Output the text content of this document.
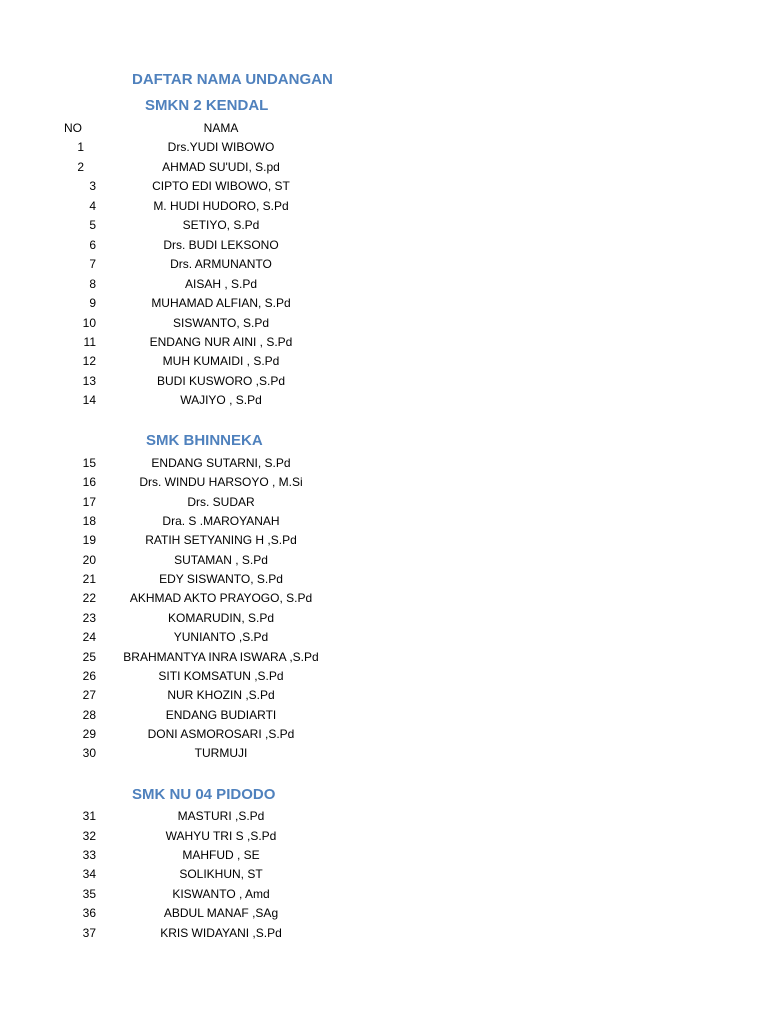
DAFTAR NAMA UNDANGAN
SMKN 2 KENDAL
NO	NAMA
1	Drs.YUDI WIBOWO
2	AHMAD SU'UDI, S.pd
3	CIPTO EDI WIBOWO, ST
4	M. HUDI HUDORO, S.Pd
5	SETIYO, S.Pd
6	Drs. BUDI LEKSONO
7	Drs. ARMUNANTO
8	AISAH , S.Pd
9	MUHAMAD ALFIAN, S.Pd
10	SISWANTO, S.Pd
11	ENDANG NUR AINI , S.Pd
12	MUH KUMAIDI , S.Pd
13	BUDI KUSWORO ,S.Pd
14	WAJIYO , S.Pd
SMK BHINNEKA
15	ENDANG SUTARNI, S.Pd
16	Drs. WINDU HARSOYO , M.Si
17	Drs. SUDAR
18	Dra. S .MAROYANAH
19	RATIH SETYANING H ,S.Pd
20	SUTAMAN , S.Pd
21	EDY SISWANTO, S.Pd
22	AKHMAD AKTO PRAYOGO, S.Pd
23	KOMARUDIN, S.Pd
24	YUNIANTO ,S.Pd
25	BRAHMANTYA INRA ISWARA ,S.Pd
26	SITI KOMSATUN ,S.Pd
27	NUR KHOZIN ,S.Pd
28	ENDANG BUDIARTI
29	DONI ASMOROSARI ,S.Pd
30	TURMUJI
SMK NU 04 PIDODO
31	MASTURI ,S.Pd
32	WAHYU TRI S ,S.Pd
33	MAHFUD , SE
34	SOLIKHUN, ST
35	KISWANTO , Amd
36	ABDUL MANAF ,SAg
37	KRIS WIDAYANI ,S.Pd
